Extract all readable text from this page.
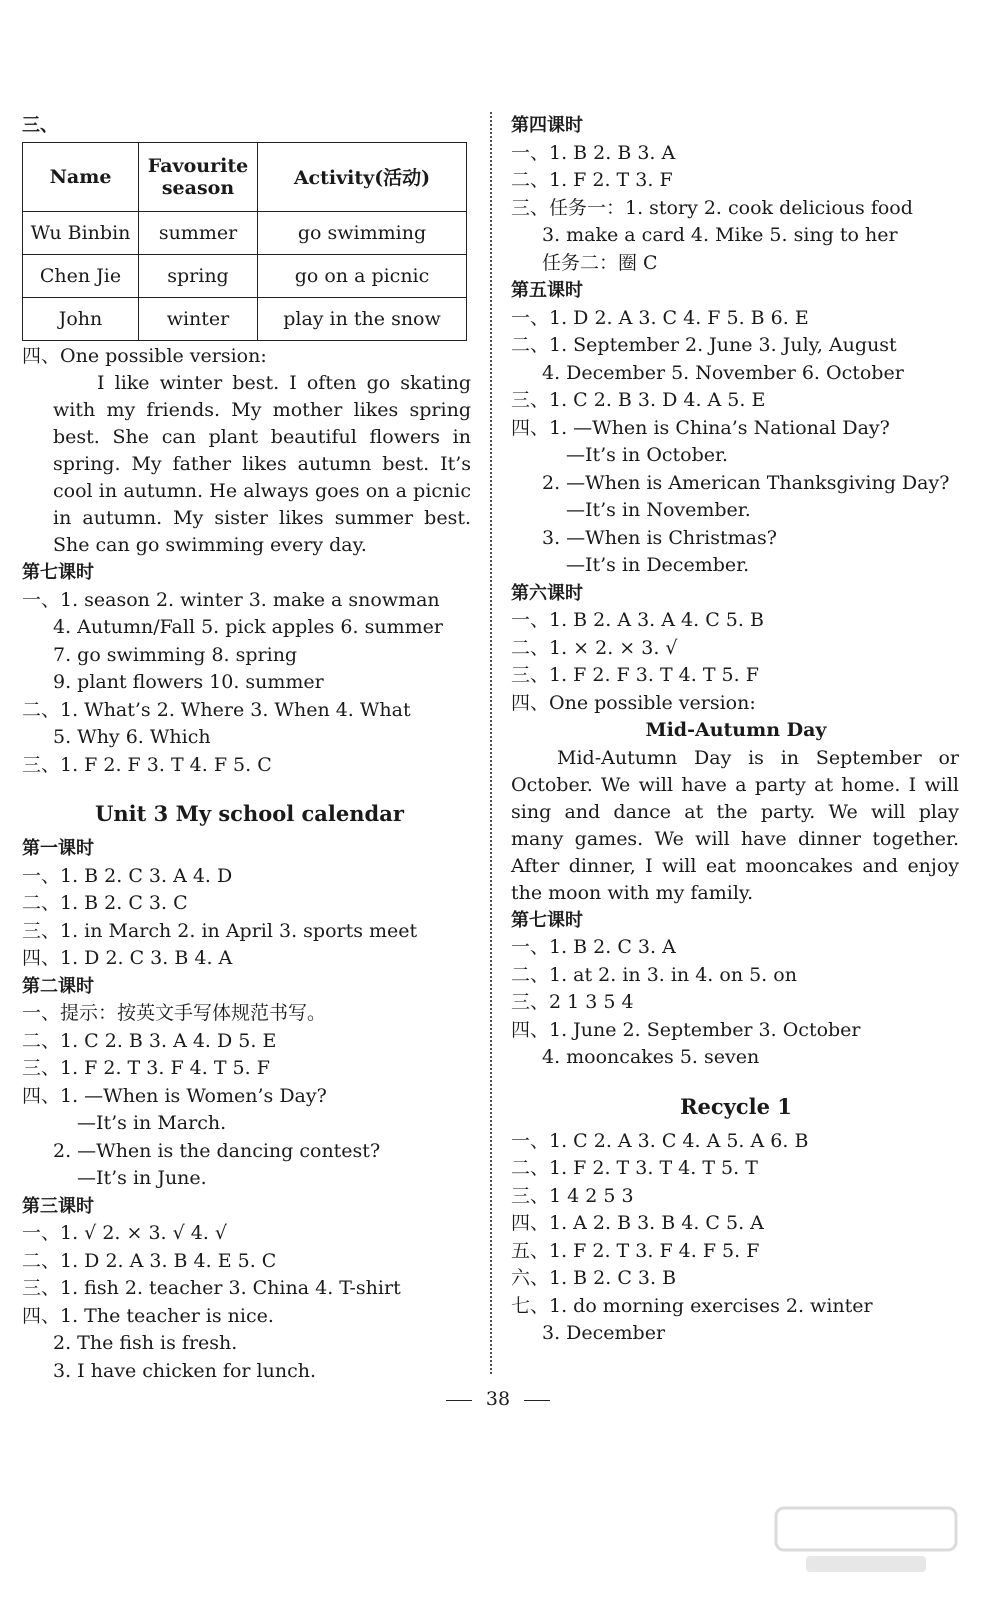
三、
Name	Favourite season	Activity(活动)
Wu Binbin	summer	go swimming
Chen Jie	spring	go on a picnic
John	winter	play in the snow
四、One possible version:
I like winter best. I often go skating with my friends. My mother likes spring best. She can plant beautiful flowers in spring. My father likes autumn best. It’s cool in autumn. He always goes on a picnic in autumn. My sister likes summer best. She can go swimming every day.
第七课时
一、1. season 2. winter 3. make a snowman
4. Autumn/Fall 5. pick apples 6. summer
7. go swimming 8. spring
9. plant flowers 10. summer
二、1. What’s 2. Where 3. When 4. What
5. Why 6. Which
三、1. F 2. F 3. T 4. F 5. C
Unit 3 My school calendar
第一课时
一、1. B 2. C 3. A 4. D
二、1. B 2. C 3. C
三、1. in March 2. in April 3. sports meet
四、1. D 2. C 3. B 4. A
第二课时
一、提示：按英文手写体规范书写。
二、1. C 2. B 3. A 4. D 5. E
三、1. F 2. T 3. F 4. T 5. F
四、1. —When is Women’s Day?
—It’s in March.
2. —When is the dancing contest?
—It’s in June.
第三课时
一、1. √ 2. × 3. √ 4. √
二、1. D 2. A 3. B 4. E 5. C
三、1. fish 2. teacher 3. China 4. T-shirt
四、1. The teacher is nice.
2. The fish is fresh.
3. I have chicken for lunch.
第四课时
一、1. B 2. B 3. A
二、1. F 2. T 3. F
三、任务一：1. story 2. cook delicious food
3. make a card 4. Mike 5. sing to her
任务二：圈 C
第五课时
一、1. D 2. A 3. C 4. F 5. B 6. E
二、1. September 2. June 3. July, August
4. December 5. November 6. October
三、1. C 2. B 3. D 4. A 5. E
四、1. —When is China’s National Day?
—It’s in October.
2. —When is American Thanksgiving Day?
—It’s in November.
3. —When is Christmas?
—It’s in December.
第六课时
一、1. B 2. A 3. A 4. C 5. B
二、1. × 2. × 3. √
三、1. F 2. F 3. T 4. T 5. F
四、One possible version:
Mid-Autumn Day
Mid-Autumn Day is in September or October. We will have a party at home. I will sing and dance at the party. We will play many games. We will have dinner together. After dinner, I will eat mooncakes and enjoy the moon with my family.
第七课时
一、1. B 2. C 3. A
二、1. at 2. in 3. in 4. on 5. on
三、2 1 3 5 4
四、1. June 2. September 3. October
4. mooncakes 5. seven
Recycle 1
一、1. C 2. A 3. C 4. A 5. A 6. B
二、1. F 2. T 3. T 4. T 5. T
三、1 4 2 5 3
四、1. A 2. B 3. B 4. C 5. A
五、1. F 2. T 3. F 4. F 5. F
六、1. B 2. C 3. B
七、1. do morning exercises 2. winter
3. December
38
